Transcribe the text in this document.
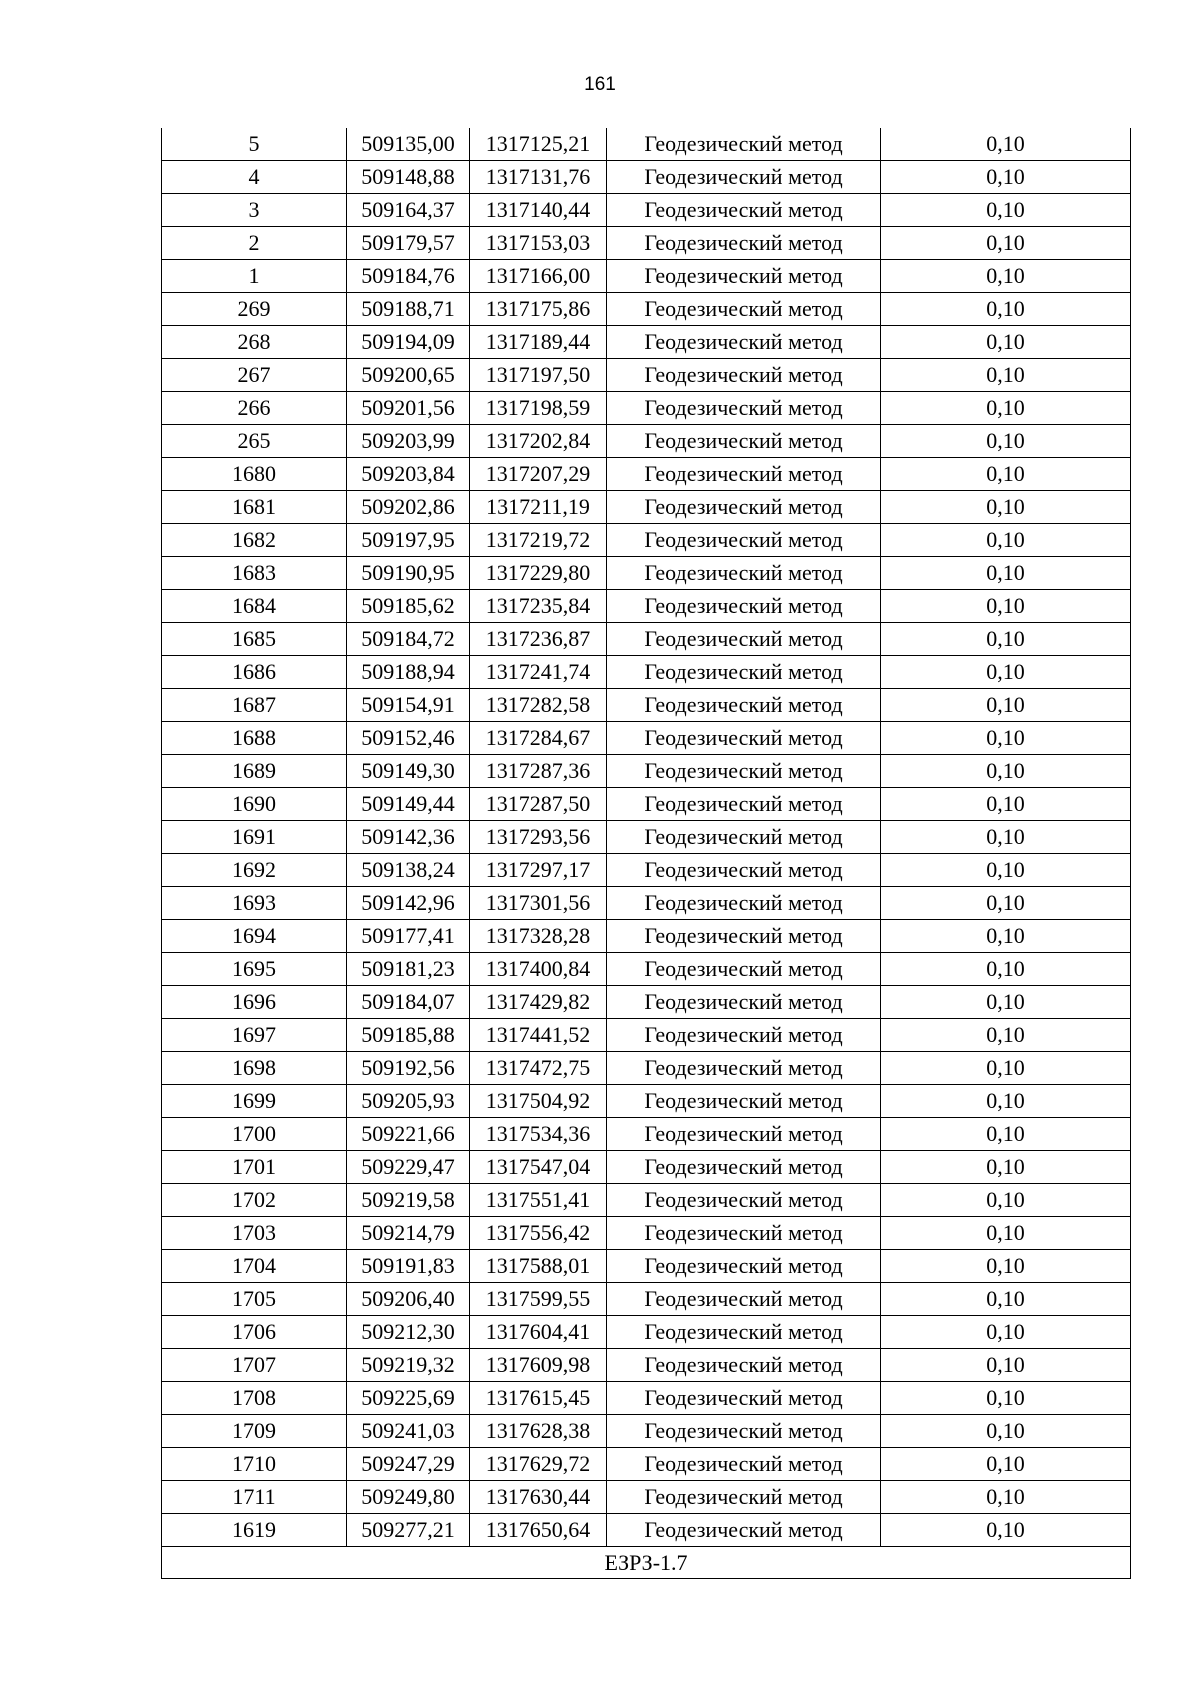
161
5	509135,00	1317125,21	Геодезический метод	0,10
4	509148,88	1317131,76	Геодезический метод	0,10
3	509164,37	1317140,44	Геодезический метод	0,10
2	509179,57	1317153,03	Геодезический метод	0,10
1	509184,76	1317166,00	Геодезический метод	0,10
269	509188,71	1317175,86	Геодезический метод	0,10
268	509194,09	1317189,44	Геодезический метод	0,10
267	509200,65	1317197,50	Геодезический метод	0,10
266	509201,56	1317198,59	Геодезический метод	0,10
265	509203,99	1317202,84	Геодезический метод	0,10
1680	509203,84	1317207,29	Геодезический метод	0,10
1681	509202,86	1317211,19	Геодезический метод	0,10
1682	509197,95	1317219,72	Геодезический метод	0,10
1683	509190,95	1317229,80	Геодезический метод	0,10
1684	509185,62	1317235,84	Геодезический метод	0,10
1685	509184,72	1317236,87	Геодезический метод	0,10
1686	509188,94	1317241,74	Геодезический метод	0,10
1687	509154,91	1317282,58	Геодезический метод	0,10
1688	509152,46	1317284,67	Геодезический метод	0,10
1689	509149,30	1317287,36	Геодезический метод	0,10
1690	509149,44	1317287,50	Геодезический метод	0,10
1691	509142,36	1317293,56	Геодезический метод	0,10
1692	509138,24	1317297,17	Геодезический метод	0,10
1693	509142,96	1317301,56	Геодезический метод	0,10
1694	509177,41	1317328,28	Геодезический метод	0,10
1695	509181,23	1317400,84	Геодезический метод	0,10
1696	509184,07	1317429,82	Геодезический метод	0,10
1697	509185,88	1317441,52	Геодезический метод	0,10
1698	509192,56	1317472,75	Геодезический метод	0,10
1699	509205,93	1317504,92	Геодезический метод	0,10
1700	509221,66	1317534,36	Геодезический метод	0,10
1701	509229,47	1317547,04	Геодезический метод	0,10
1702	509219,58	1317551,41	Геодезический метод	0,10
1703	509214,79	1317556,42	Геодезический метод	0,10
1704	509191,83	1317588,01	Геодезический метод	0,10
1705	509206,40	1317599,55	Геодезический метод	0,10
1706	509212,30	1317604,41	Геодезический метод	0,10
1707	509219,32	1317609,98	Геодезический метод	0,10
1708	509225,69	1317615,45	Геодезический метод	0,10
1709	509241,03	1317628,38	Геодезический метод	0,10
1710	509247,29	1317629,72	Геодезический метод	0,10
1711	509249,80	1317630,44	Геодезический метод	0,10
1619	509277,21	1317650,64	Геодезический метод	0,10
ЕЗРЗ-1.7				
